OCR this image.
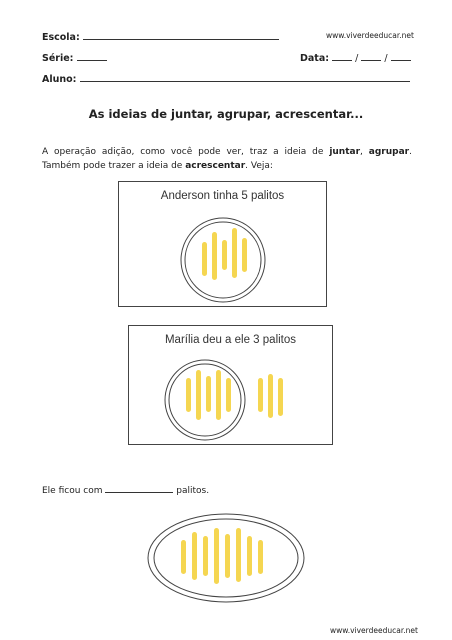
Escola:	www.viverdeeducar.net
Série:	Data:	/	/
Aluno:
As ideias de juntar, agrupar, acrescentar...
A operação adição, como você pode ver, traz a ideia de juntar, agrupar. Também pode trazer a ideia de acrescentar. Veja:
Anderson tinha 5 palitos
Marília deu a ele 3 palitos
Ele ficou com	palitos.
www.viverdeeducar.net
